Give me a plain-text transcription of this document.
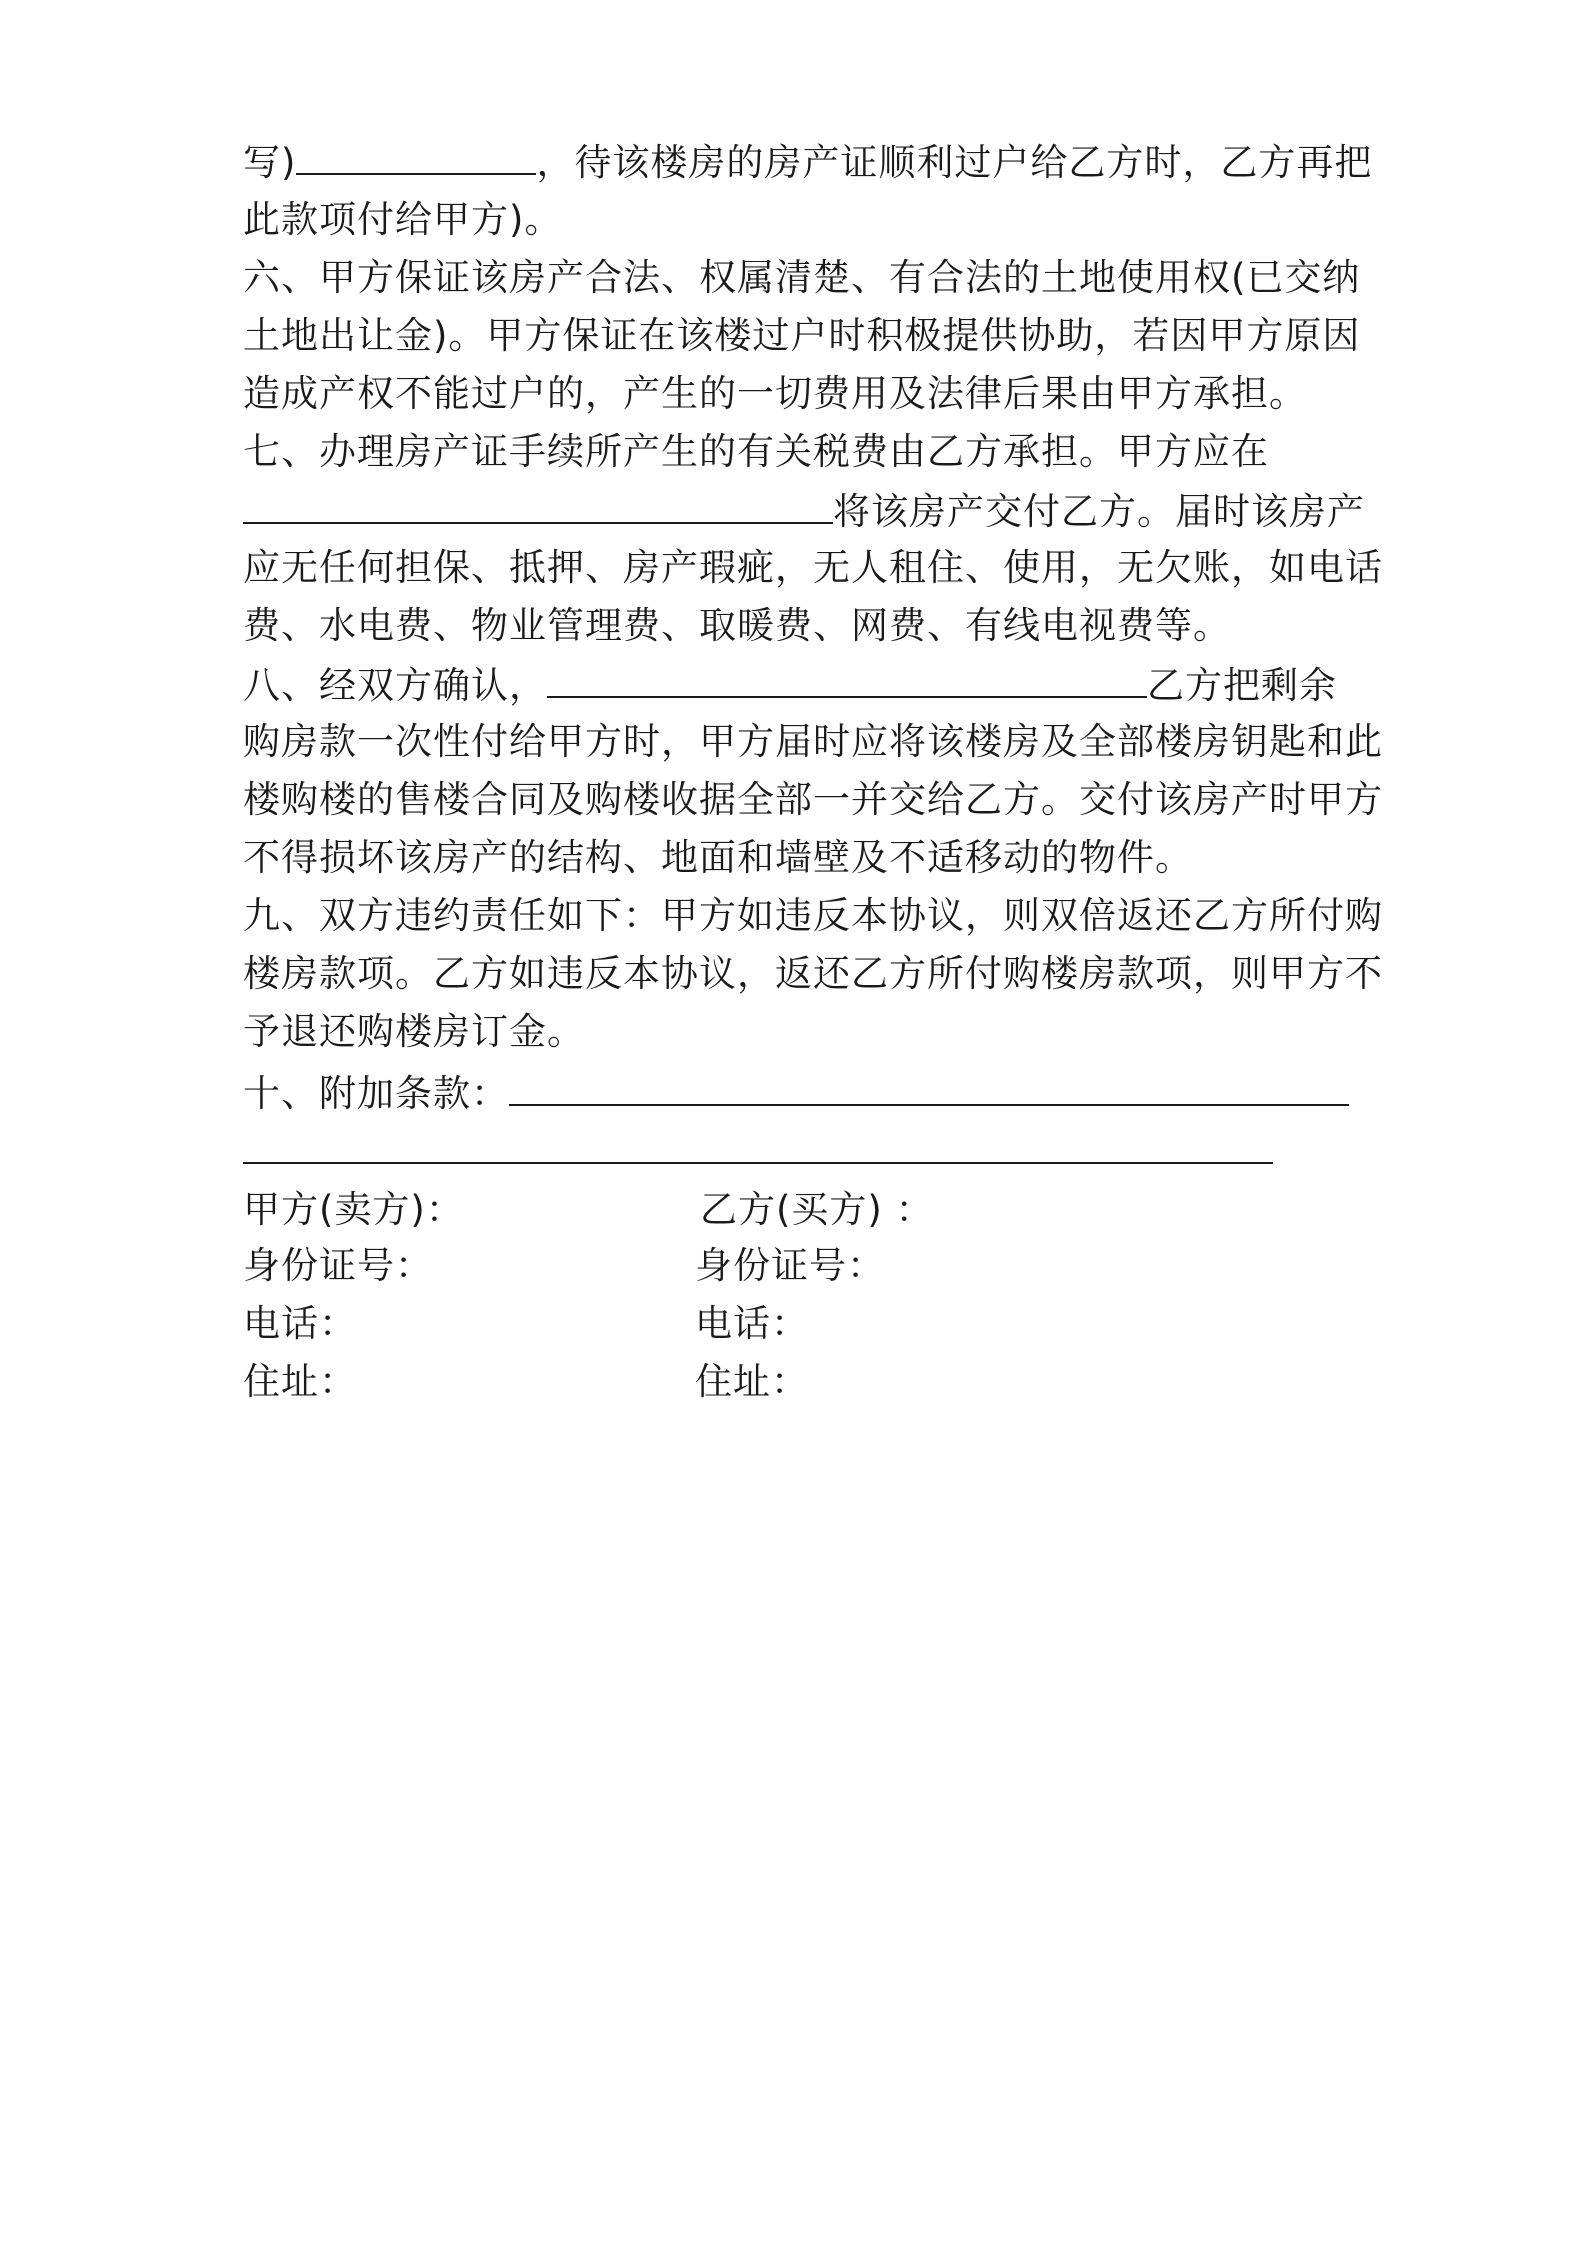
写)	，待该楼房的房产证顺利过户给乙方时，乙方再把
此款项付给甲方)。
六、甲方保证该房产合法、权属清楚、有合法的土地使用权(已交纳
土地出让金)。甲方保证在该楼过户时积极提供协助，若因甲方原因
造成产权不能过户的，产生的一切费用及法律后果由甲方承担。
七、办理房产证手续所产生的有关税费由乙方承担。甲方应在
将该房产交付乙方。届时该房产
应无任何担保、抵押、房产瑕疵，无人租住、使用，无欠账，如电话
费、水电费、物业管理费、取暖费、网费、有线电视费等。
八、经双方确认，	乙方把剩余
购房款一次性付给甲方时，甲方届时应将该楼房及全部楼房钥匙和此
楼购楼的售楼合同及购楼收据全部一并交给乙方。交付该房产时甲方
不得损坏该房产的结构、地面和墙壁及不适移动的物件。
九、双方违约责任如下：甲方如违反本协议，则双倍返还乙方所付购
楼房款项。乙方如违反本协议，返还乙方所付购楼房款项，则甲方不
予退还购楼房订金。
十、附加条款：
甲方(卖方)：	乙方(买方) ：
身份证号：	身份证号：
电话：	电话：
住址：	住址：
